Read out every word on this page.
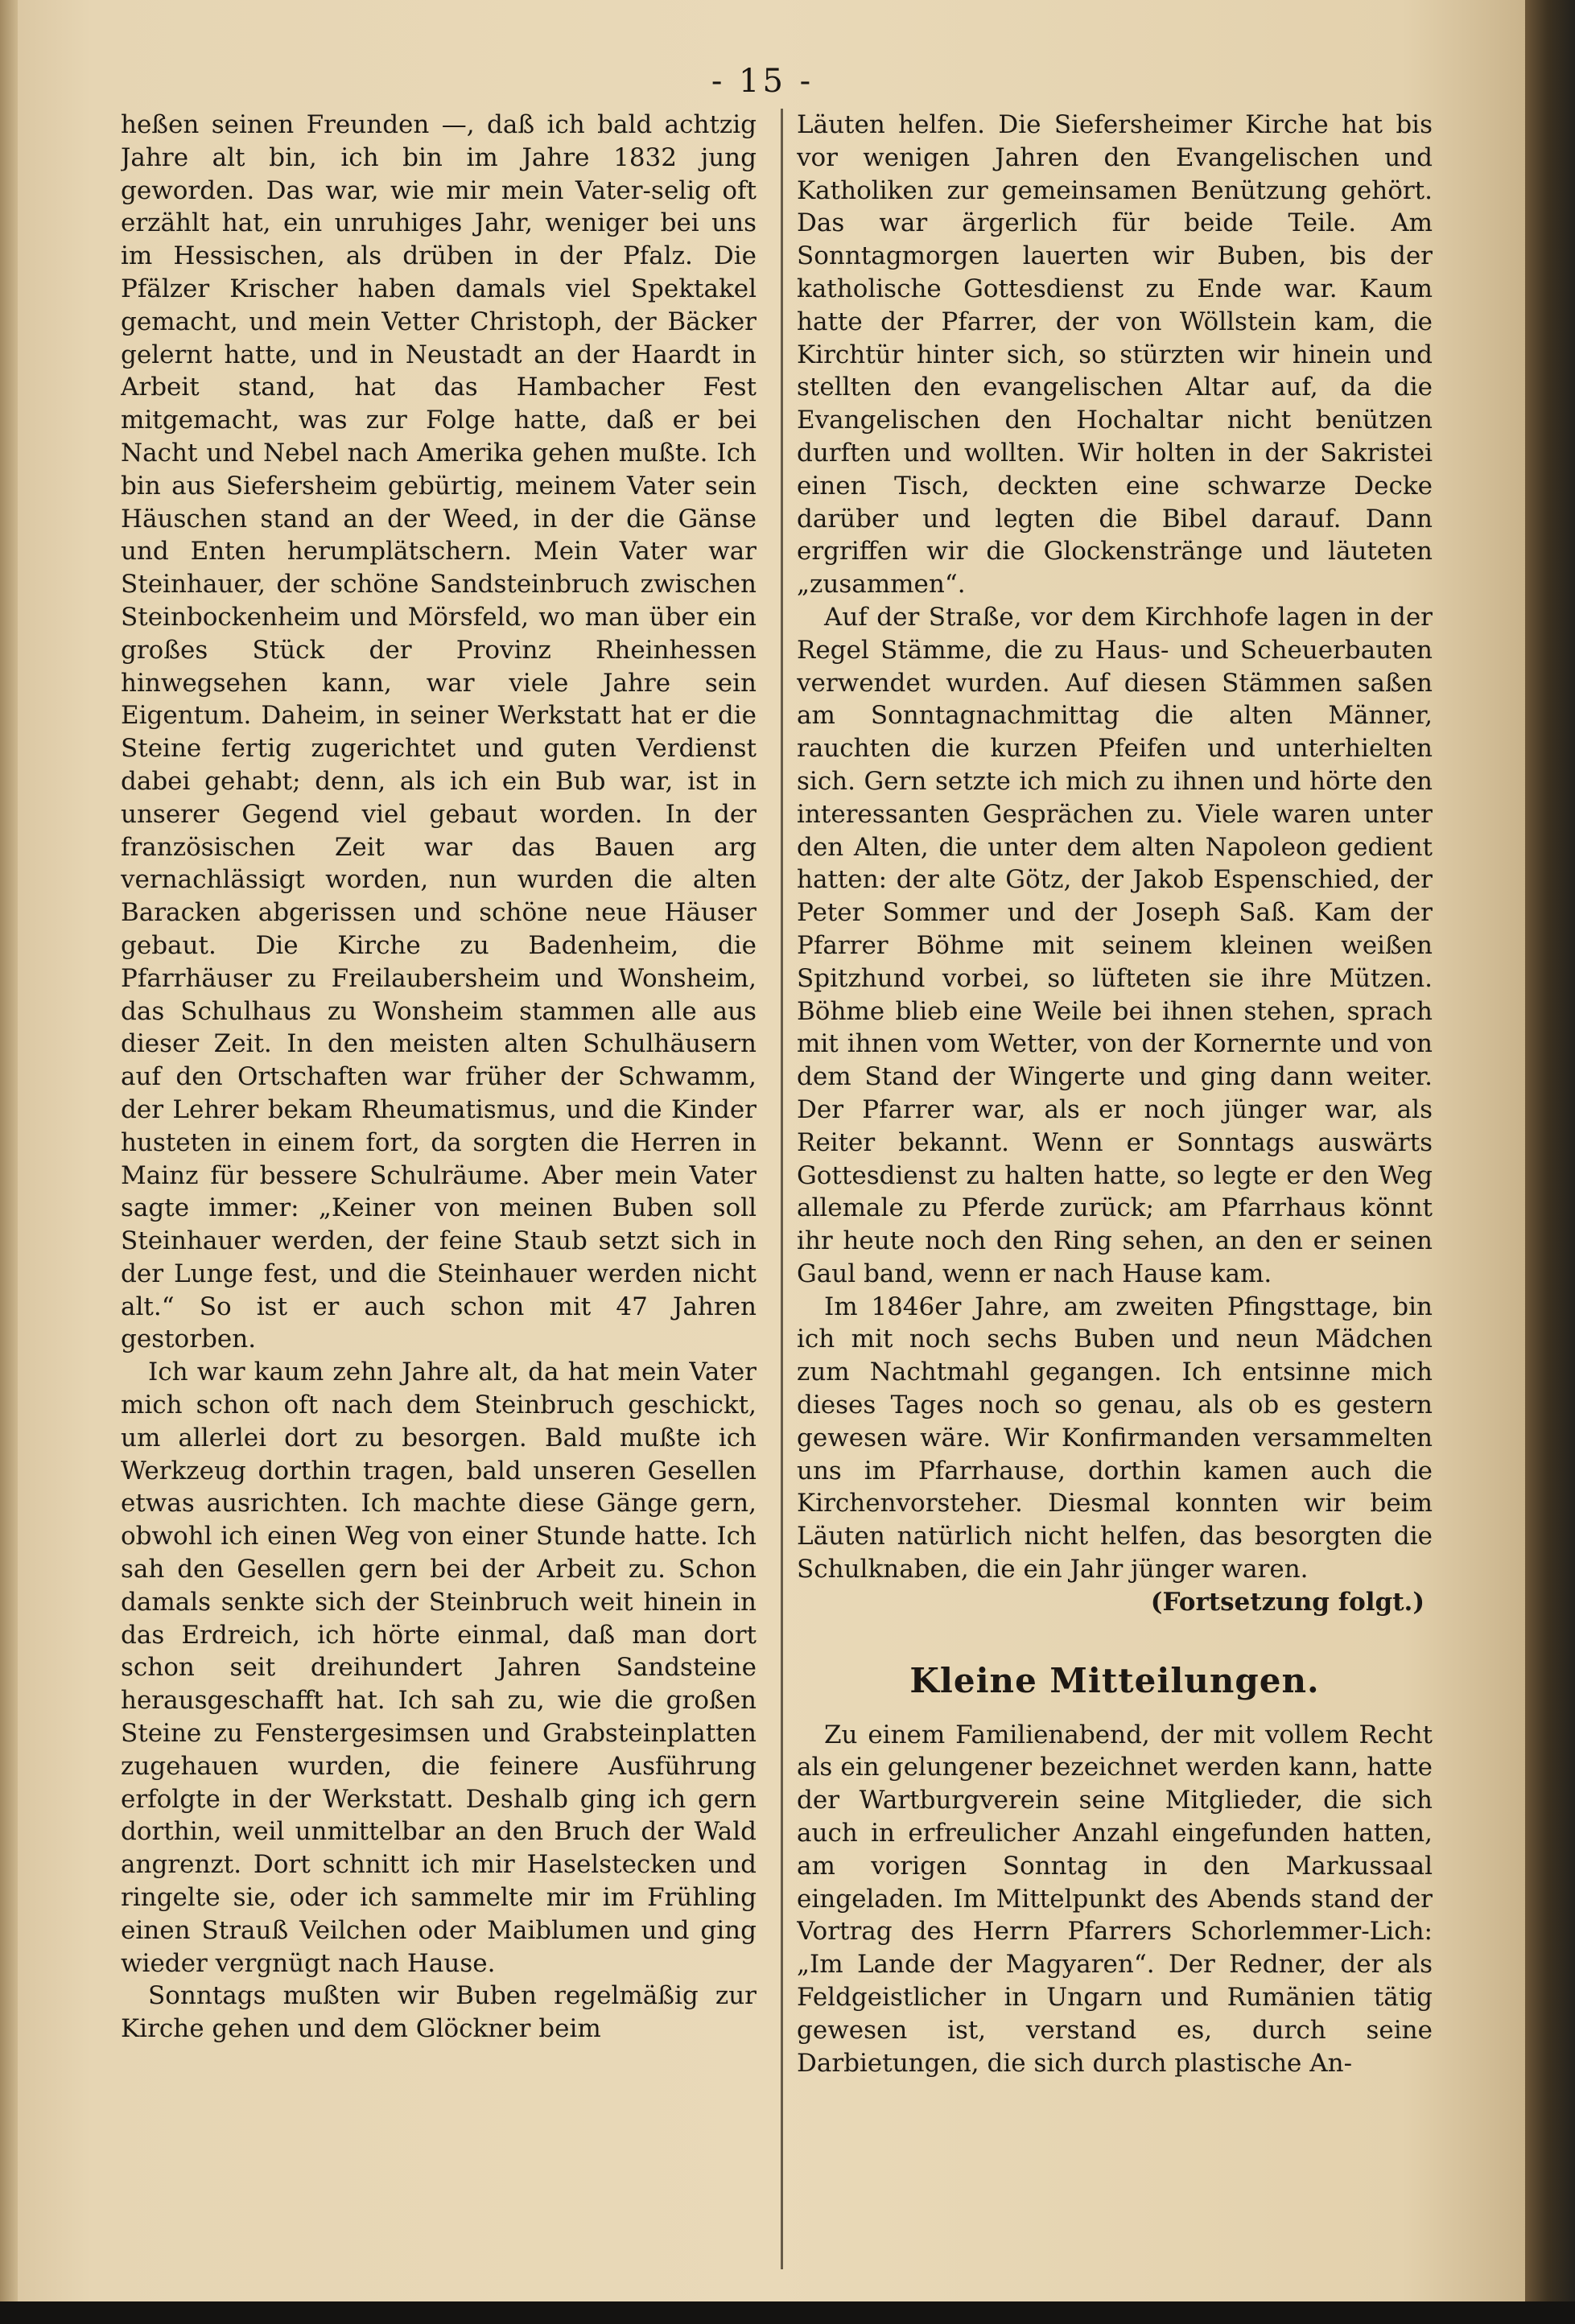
- 15 -

heßen seinen Freunden —, daß ich bald achtzig Jahre alt bin, ich bin im Jahre 1832 jung geworden. Das war, wie mir mein Vater-selig oft erzählt hat, ein unruhiges Jahr, weniger bei uns im Hessischen, als drüben in der Pfalz. Die Pfälzer Krischer haben damals viel Spektakel gemacht, und mein Vetter Christoph, der Bäcker gelernt hatte, und in Neustadt an der Haardt in Arbeit stand, hat das Hambacher Fest mitgemacht, was zur Folge hatte, daß er bei Nacht und Nebel nach Amerika gehen mußte. Ich bin aus Siefersheim gebürtig, meinem Vater sein Häuschen stand an der Weed, in der die Gänse und Enten herumplätschern. Mein Vater war Steinhauer, der schöne Sandsteinbruch zwischen Steinbockenheim und Mörsfeld, wo man über ein großes Stück der Provinz Rheinhessen hinwegsehen kann, war viele Jahre sein Eigentum. Daheim, in seiner Werkstatt hat er die Steine fertig zugerichtet und guten Verdienst dabei gehabt; denn, als ich ein Bub war, ist in unserer Gegend viel gebaut worden. In der französischen Zeit war das Bauen arg vernachlässigt worden, nun wurden die alten Baracken abgerissen und schöne neue Häuser gebaut. Die Kirche zu Badenheim, die Pfarrhäuser zu Freilaubersheim und Wonsheim, das Schulhaus zu Wonsheim stammen alle aus dieser Zeit. In den meisten alten Schulhäusern auf den Ortschaften war früher der Schwamm, der Lehrer bekam Rheumatismus, und die Kinder husteten in einem fort, da sorgten die Herren in Mainz für bessere Schulräume. Aber mein Vater sagte immer: „Keiner von meinen Buben soll Steinhauer werden, der feine Staub setzt sich in der Lunge fest, und die Steinhauer werden nicht alt.“ So ist er auch schon mit 47 Jahren gestorben.

Ich war kaum zehn Jahre alt, da hat mein Vater mich schon oft nach dem Steinbruch geschickt, um allerlei dort zu besorgen. Bald mußte ich Werkzeug dorthin tragen, bald unseren Gesellen etwas ausrichten. Ich machte diese Gänge gern, obwohl ich einen Weg von einer Stunde hatte. Ich sah den Gesellen gern bei der Arbeit zu. Schon damals senkte sich der Steinbruch weit hinein in das Erdreich, ich hörte einmal, daß man dort schon seit dreihundert Jahren Sandsteine herausgeschafft hat. Ich sah zu, wie die großen Steine zu Fenstergesimsen und Grabsteinplatten zugehauen wurden, die feinere Ausführung erfolgte in der Werkstatt. Deshalb ging ich gern dorthin, weil unmittelbar an den Bruch der Wald angrenzt. Dort schnitt ich mir Haselstecken und ringelte sie, oder ich sammelte mir im Frühling einen Strauß Veilchen oder Maiblumen und ging wieder vergnügt nach Hause.

Sonntags mußten wir Buben regelmäßig zur Kirche gehen und dem Glöckner beim

Läuten helfen. Die Siefersheimer Kirche hat bis vor wenigen Jahren den Evangelischen und Katholiken zur gemeinsamen Benützung gehört. Das war ärgerlich für beide Teile. Am Sonntagmorgen lauerten wir Buben, bis der katholische Gottesdienst zu Ende war. Kaum hatte der Pfarrer, der von Wöllstein kam, die Kirchtür hinter sich, so stürzten wir hinein und stellten den evangelischen Altar auf, da die Evangelischen den Hochaltar nicht benützen durften und wollten. Wir holten in der Sakristei einen Tisch, deckten eine schwarze Decke darüber und legten die Bibel darauf. Dann ergriffen wir die Glockenstränge und läuteten „zusammen“.

Auf der Straße, vor dem Kirchhofe lagen in der Regel Stämme, die zu Haus- und Scheuerbauten verwendet wurden. Auf diesen Stämmen saßen am Sonntagnachmittag die alten Männer, rauchten die kurzen Pfeifen und unterhielten sich. Gern setzte ich mich zu ihnen und hörte den interessanten Gesprächen zu. Viele waren unter den Alten, die unter dem alten Napoleon gedient hatten: der alte Götz, der Jakob Espenschied, der Peter Sommer und der Joseph Saß. Kam der Pfarrer Böhme mit seinem kleinen weißen Spitzhund vorbei, so lüfteten sie ihre Mützen. Böhme blieb eine Weile bei ihnen stehen, sprach mit ihnen vom Wetter, von der Kornernte und von dem Stand der Wingerte und ging dann weiter. Der Pfarrer war, als er noch jünger war, als Reiter bekannt. Wenn er Sonntags auswärts Gottesdienst zu halten hatte, so legte er den Weg allemale zu Pferde zurück; am Pfarrhaus könnt ihr heute noch den Ring sehen, an den er seinen Gaul band, wenn er nach Hause kam.

Im 1846er Jahre, am zweiten Pfingsttage, bin ich mit noch sechs Buben und neun Mädchen zum Nachtmahl gegangen. Ich entsinne mich dieses Tages noch so genau, als ob es gestern gewesen wäre. Wir Konfirmanden versammelten uns im Pfarrhause, dorthin kamen auch die Kirchenvorsteher. Diesmal konnten wir beim Läuten natürlich nicht helfen, das besorgten die Schulknaben, die ein Jahr jünger waren.

(Fortsetzung folgt.)

Kleine Mitteilungen.

Zu einem Familienabend, der mit vollem Recht als ein gelungener bezeichnet werden kann, hatte der Wartburgverein seine Mitglieder, die sich auch in erfreulicher Anzahl eingefunden hatten, am vorigen Sonntag in den Markussaal eingeladen. Im Mittelpunkt des Abends stand der Vortrag des Herrn Pfarrers Schorlemmer-Lich: „Im Lande der Magyaren“. Der Redner, der als Feldgeistlicher in Ungarn und Rumänien tätig gewesen ist, verstand es, durch seine Darbietungen, die sich durch plastische An-
